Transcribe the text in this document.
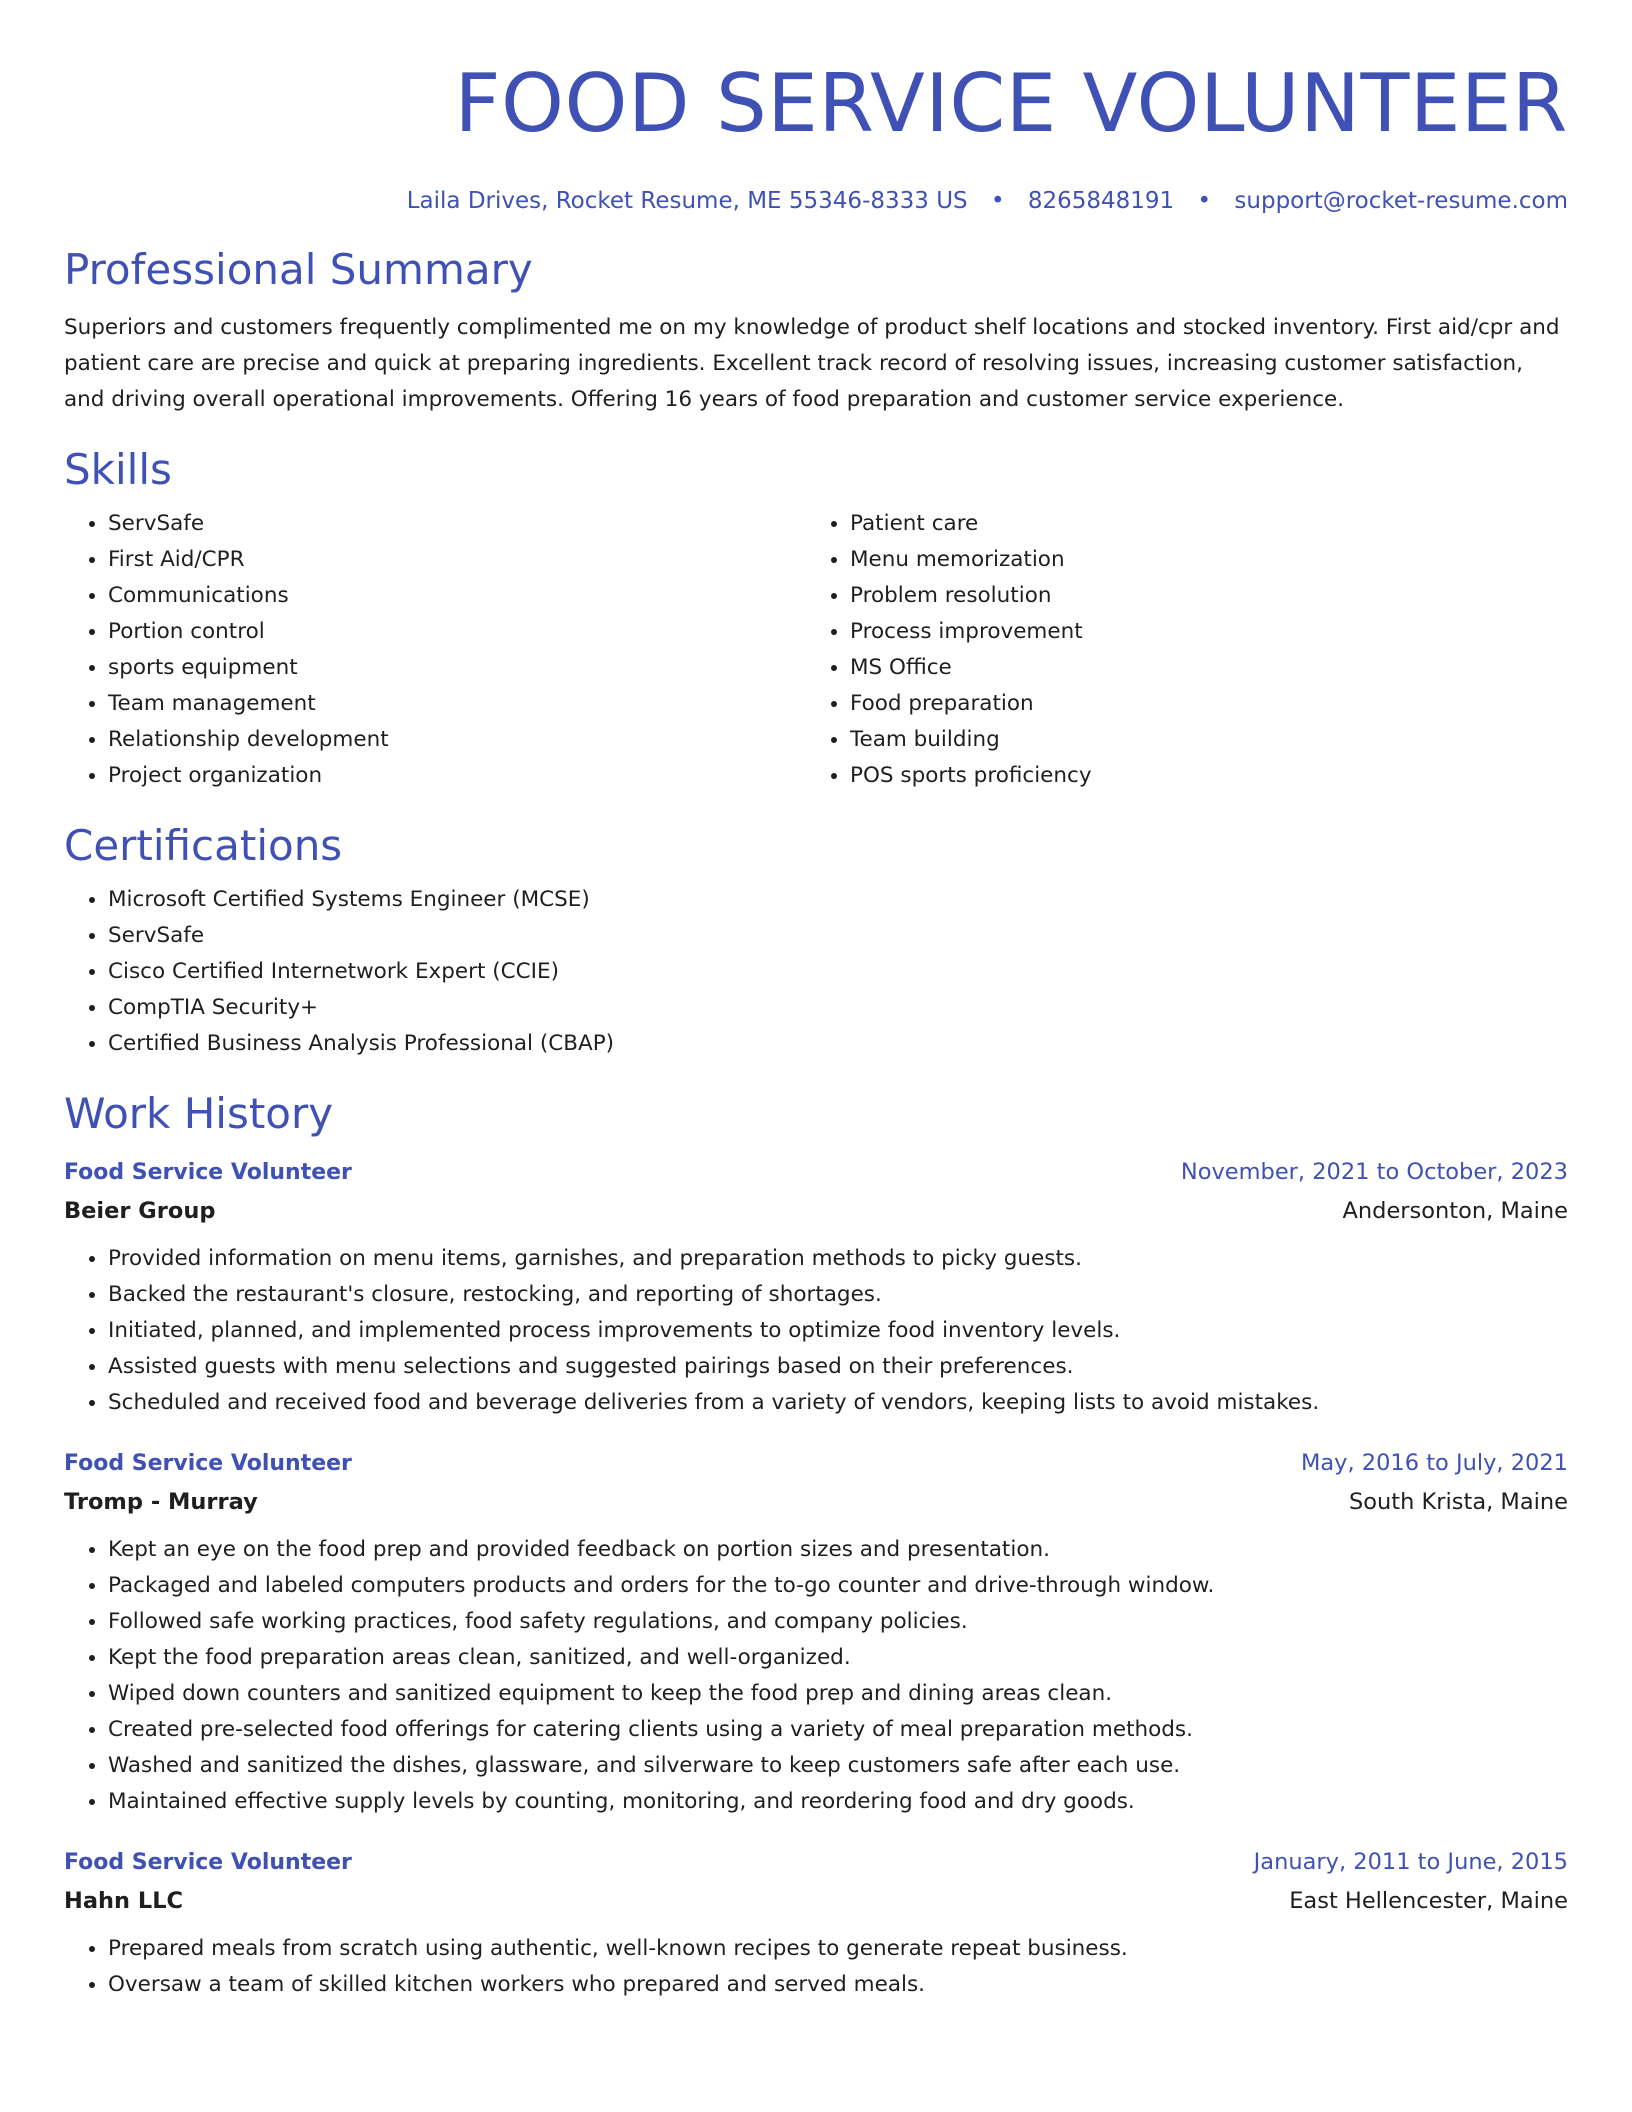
FOOD SERVICE VOLUNTEER
Laila Drives, Rocket Resume, ME 55346-8333 US • 8265848191 • support@rocket-resume.com
Professional Summary

Superiors and customers frequently complimented me on my knowledge of product shelf locations and stocked inventory. First aid/cpr and patient care are precise and quick at preparing ingredients. Excellent track record of resolving issues, increasing customer satisfaction, and driving overall operational improvements. Offering 16 years of food preparation and customer service experience.

Skills
• ServSafe
• First Aid/CPR
• Communications
• Portion control
• sports equipment
• Team management
• Relationship development
• Project organization
• Patient care
• Menu memorization
• Problem resolution
• Process improvement
• MS Office
• Food preparation
• Team building
• POS sports proficiency
Certifications
• Microsoft Certified Systems Engineer (MCSE)
• ServSafe
• Cisco Certified Internetwork Expert (CCIE)
• CompTIA Security+
• Certified Business Analysis Professional (CBAP)
Work History
Food Service Volunteer	November, 2021 to October, 2023
Beier Group	Andersonton, Maine
• Provided information on menu items, garnishes, and preparation methods to picky guests.
• Backed the restaurant's closure, restocking, and reporting of shortages.
• Initiated, planned, and implemented process improvements to optimize food inventory levels.
• Assisted guests with menu selections and suggested pairings based on their preferences.
• Scheduled and received food and beverage deliveries from a variety of vendors, keeping lists to avoid mistakes.
Food Service Volunteer	May, 2016 to July, 2021
Tromp - Murray	South Krista, Maine
• Kept an eye on the food prep and provided feedback on portion sizes and presentation.
• Packaged and labeled computers products and orders for the to-go counter and drive-through window.
• Followed safe working practices, food safety regulations, and company policies.
• Kept the food preparation areas clean, sanitized, and well-organized.
• Wiped down counters and sanitized equipment to keep the food prep and dining areas clean.
• Created pre-selected food offerings for catering clients using a variety of meal preparation methods.
• Washed and sanitized the dishes, glassware, and silverware to keep customers safe after each use.
• Maintained effective supply levels by counting, monitoring, and reordering food and dry goods.
Food Service Volunteer	January, 2011 to June, 2015
Hahn LLC	East Hellencester, Maine
• Prepared meals from scratch using authentic, well-known recipes to generate repeat business.
• Oversaw a team of skilled kitchen workers who prepared and served meals.
